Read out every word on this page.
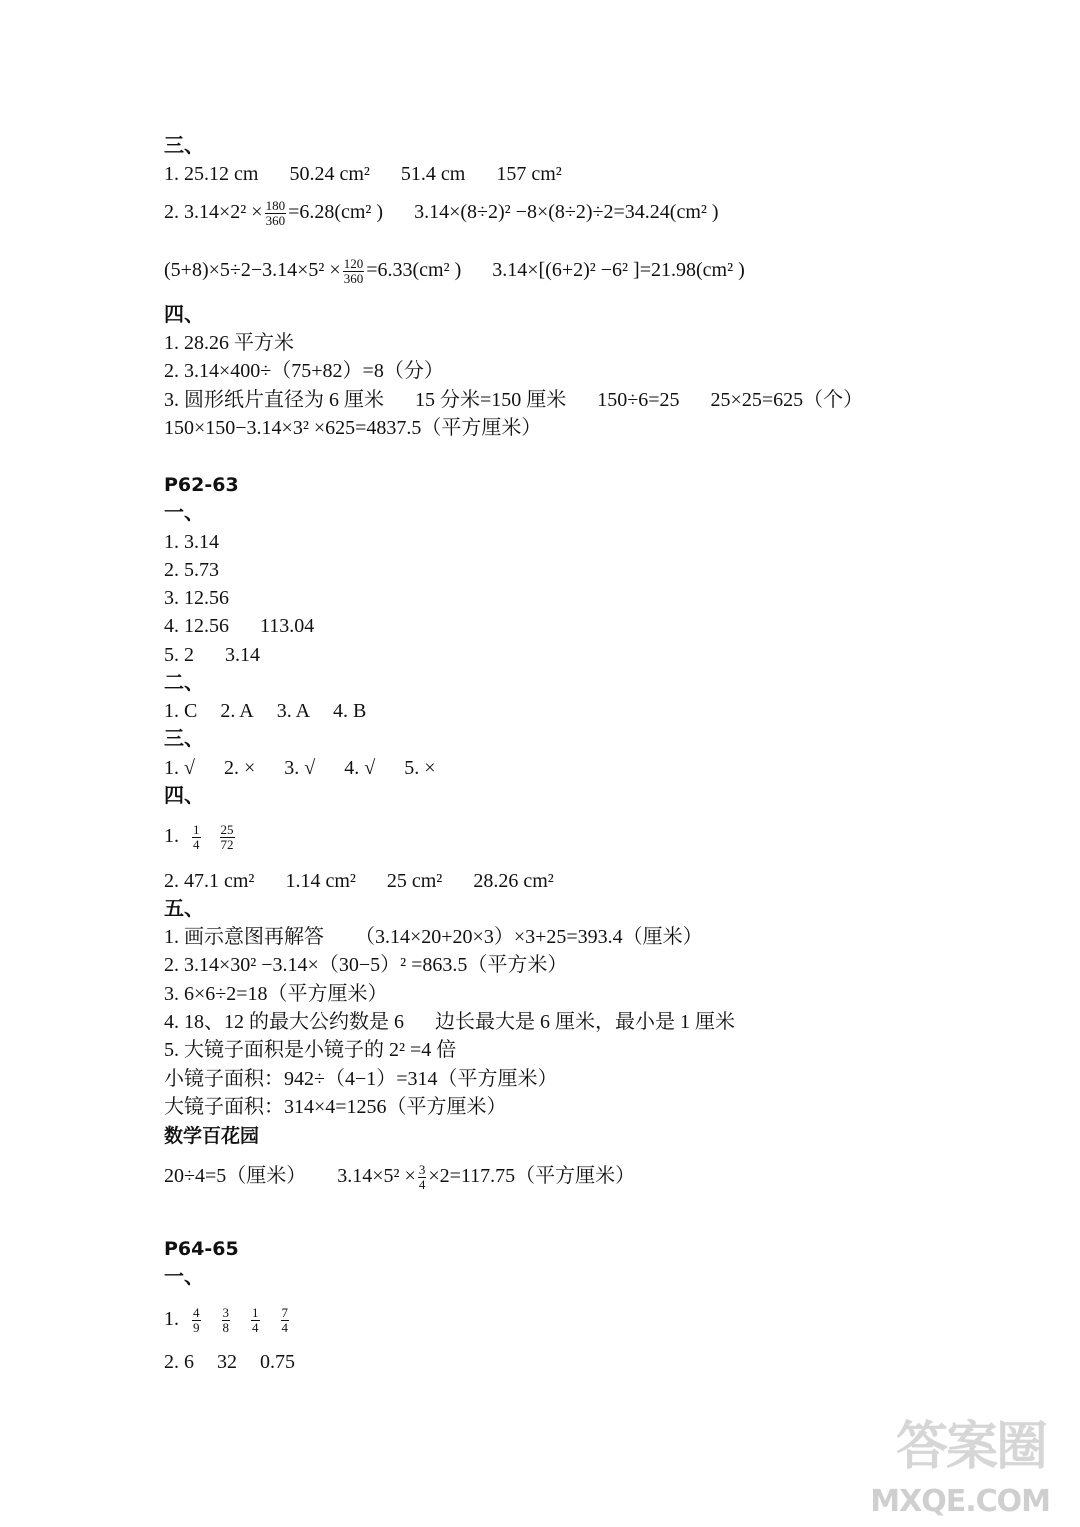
三、
1. 25.12 cm 50.24 cm² 51.4 cm 157 cm²
2. $3.14\times 2^2 \times \frac{180}{360} =6.28(cm^2$ ) 3.14×(8÷2)² −8×(8÷2)÷2=34.24(cm² )
$(5+8)\times 5\div 2-3.14\times 5^2 \times \frac{120}{360} =6.33(cm^2$ ) 3.14×[(6+2)² −6² ]=21.98(cm² )
四、
1. 28.26 平方米
2. 3.14×400÷（75+82）=8（分）
3. 圆形纸片直径为 6 厘米 15 分米=150 厘米 150÷6=25 25×25=625（个）
150×150−3.14×3² ×625=4837.5（平方厘米）
P62-63
一、
1. 3.14
2. 5.73
3. 12.56
4. 12.56 113.04
5. 2 3.14
二、
1. C 2. A 3. A 4. B
三、
1. √ 2. × 3. √ 4. √ 5. ×
四、
1. $\frac{1}{4}$
$\frac{25}{72}$
2. 47.1 cm² 1.14 cm² 25 cm² 28.26 cm²
五、
1. 画示意图再解答 （3.14×20+20×3）×3+25=393.4（厘米）
2. 3.14×30² −3.14×（30−5）² =863.5（平方米）
3. 6×6÷2=18（平方厘米）
4. 18、12 的最大公约数是 6 边长最大是 6 厘米，最小是 1 厘米
5. 大镜子面积是小镜子的 2² =4 倍
小镜子面积：942÷（4−1）=314（平方厘米）
大镜子面积：314×4=1256（平方厘米）
数学百花园
20÷4=5（厘米） $3.14\times 5^2 \times \frac{3}{4} \times 2=117.75$（平方厘米）
P64-65
一、
1. $\frac{4}{9}$
$\frac{3}{8}$
$\frac{1}{4}$
$\frac{7}{4}$
2. 6 32 0.75
答案圈
MXQE.COM
